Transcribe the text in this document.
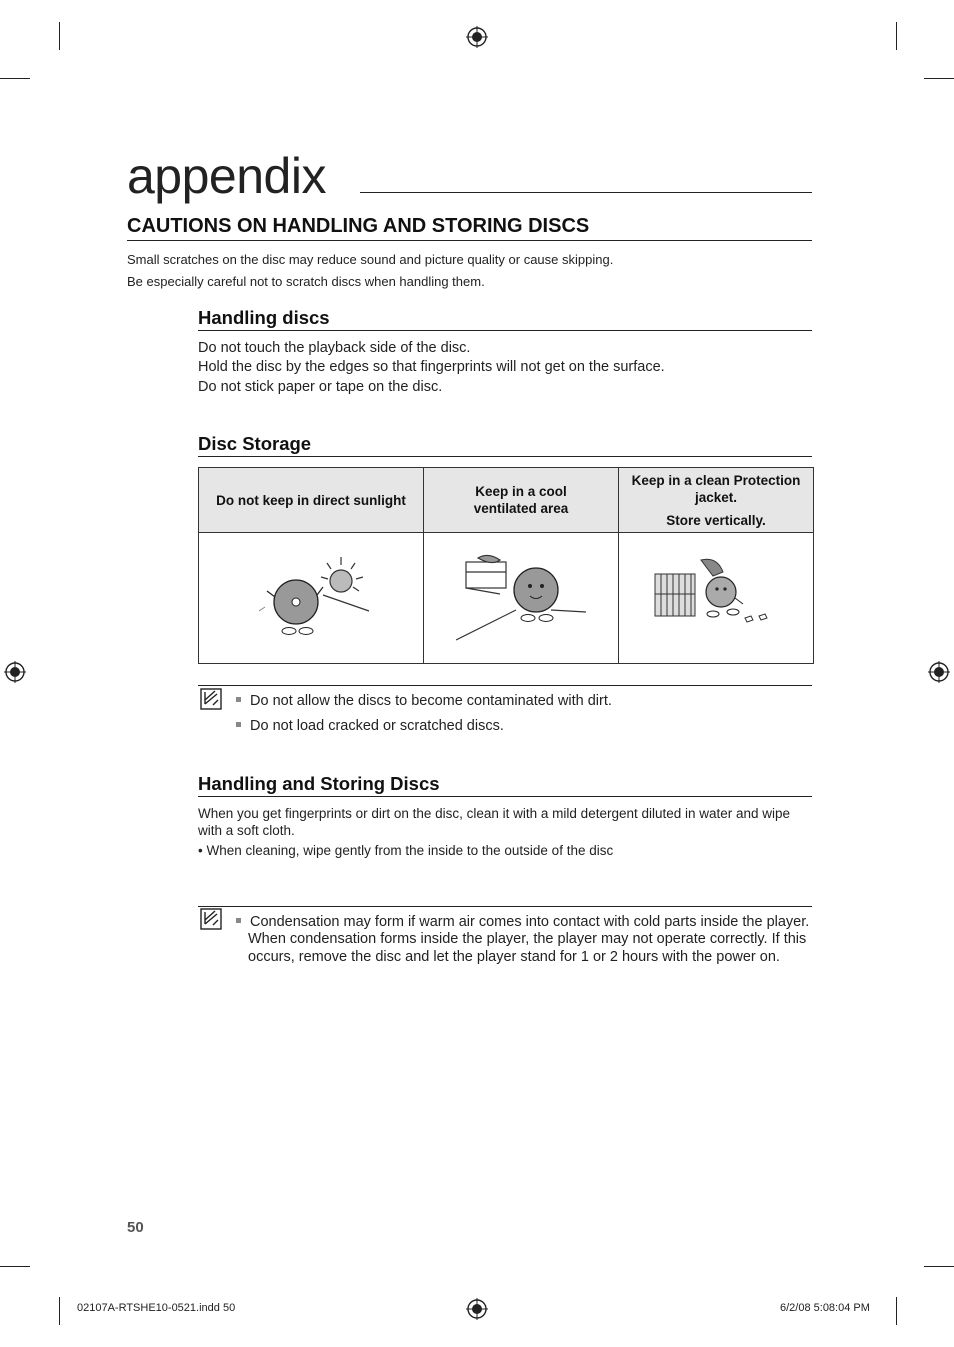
appendix
CAUTIONS ON HANDLING AND STORING DISCS
Small scratches on the disc may reduce sound and picture quality or cause skipping.
Be especially careful not to scratch discs when handling them.
Handling discs
Do not touch the playback side of the disc.
Hold the disc by the edges so that fingerprints will not get on the surface.
Do not stick paper or tape on the disc.
Disc Storage
Do not keep in direct sunlight	Keep in a cool ventilated area	Keep in a clean Protection jacket.
Store vertically.

Do not allow the discs to become contaminated with dirt.
Do not load cracked or scratched discs.
Handling and Storing Discs
When you get fingerprints or dirt on the disc, clean it with a mild detergent diluted in water and wipe
with a soft cloth.
• When cleaning, wipe gently from the inside to the outside of the disc
Condensation may form if warm air comes into contact with cold parts inside the player.
When condensation forms inside the player, the player may not operate correctly. If this
occurs, remove the disc and let the player stand for 1 or 2 hours with the power on.
50
02107A-RTSHE10-0521.indd 50	6/2/08 5:08:04 PM
